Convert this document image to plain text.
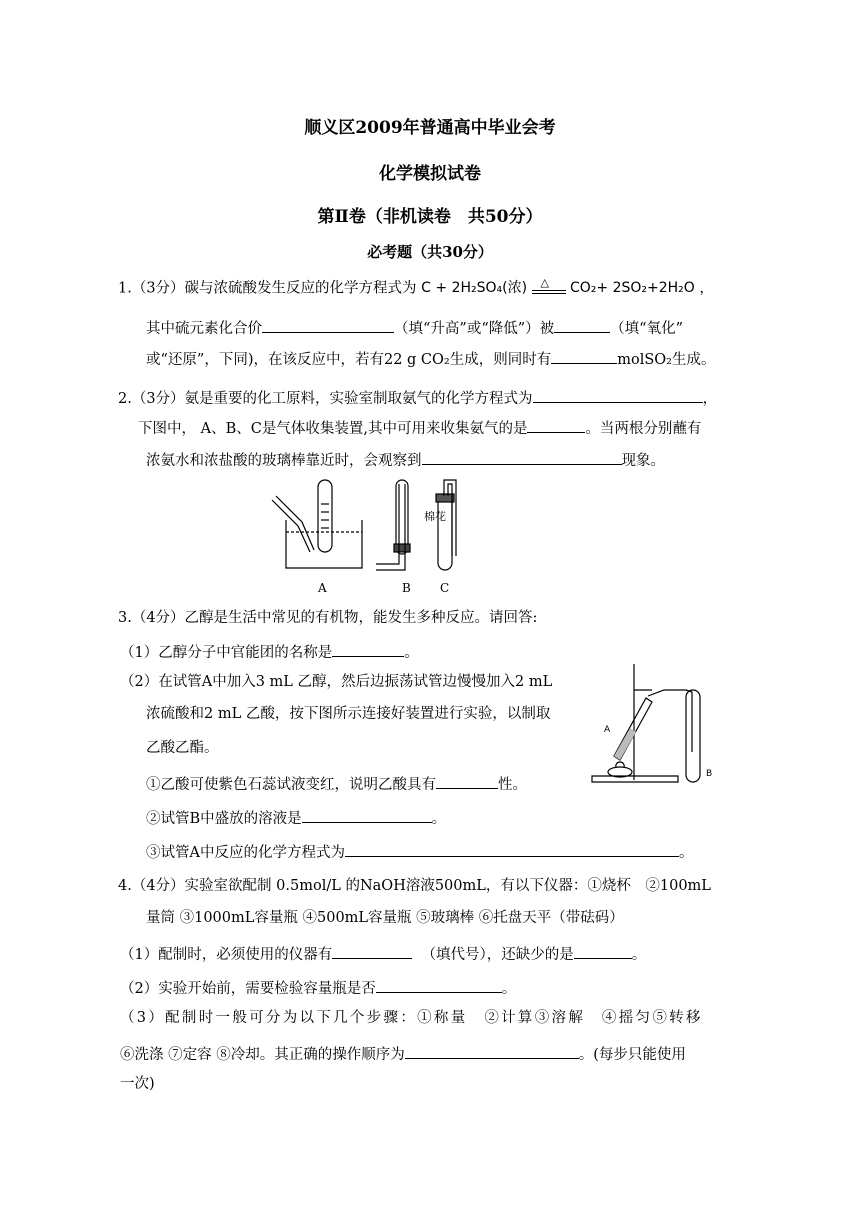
顺义区2009年普通高中毕业会考
化学模拟试卷
第Ⅱ卷（非机读卷　共50分）
必考题（共30分）
1.（3分）碳与浓硫酸发生反应的化学方程式为 C + 2H₂SO₄(浓) △ CO₂+ 2SO₂+2H₂O ，
其中硫元素化合价	（填“升高”或“降低”）被	（填“氧化”
或“还原”，下同)，在该反应中，若有22 g CO₂生成，则同时有	molSO₂生成。
2.（3分）氨是重要的化工原料，实验室制取氨气的化学方程式为	，
下图中， A、B、C是气体收集装置,其中可用来收集氨气的是	。当两根分别蘸有
浓氨水和浓盐酸的玻璃棒靠近时，会观察到	现象。
棉花
A	B C
3.（4分）乙醇是生活中常见的有机物，能发生多种反应。请回答:
（1）乙醇分子中官能团的名称是	。
（2）在试管A中加入3 mL 乙醇，然后边振荡试管边慢慢加入2 mL
浓硫酸和2 mL 乙酸，按下图所示连接好装置进行实验，以制取
乙酸乙酯。
①乙酸可使紫色石蕊试液变红，说明乙酸具有	性。
②试管B中盛放的溶液是	。
③试管A中反应的化学方程式为	。
A
B
4.（4分）实验室欲配制 0.5mol/L 的NaOH溶液500mL，有以下仪器：①烧杯　②100mL
量筒 ③1000mL容量瓶 ④500mL容量瓶 ⑤玻璃棒 ⑥托盘天平（带砝码）
（1）配制时，必须使用的仪器有	（填代号），还缺少的是	。
（2）实验开始前，需要检验容量瓶是否	。
（3）配制时一般可分为以下几个步骤：①称量　②计算③溶解　④摇匀⑤转移
⑥洗涤 ⑦定容 ⑧冷却。其正确的操作顺序为	。(每步只能使用
一次)
